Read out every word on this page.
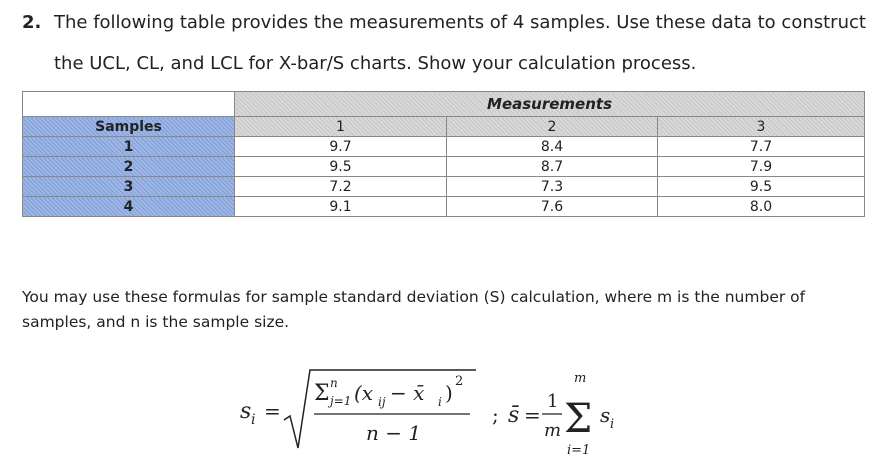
2. The following table provides the measurements of 4 samples. Use these data to construct
the UCL, CL, and LCL for X-bar/S charts. Show your calculation process.
	Measurements		
Samples	1	2	3
1	9.7	8.4	7.7
2	9.5	8.7	7.9
3	7.2	7.3	9.5
4	9.1	7.6	8.0
You may use these formulas for sample standard deviation (S) calculation, where m is the number of samples, and n is the sample size.
s i =
Σ n
j=1 (x ij − x̄ i ) 2
n − 1
; s̄ =
1
m Σ
m
i=1
s i
